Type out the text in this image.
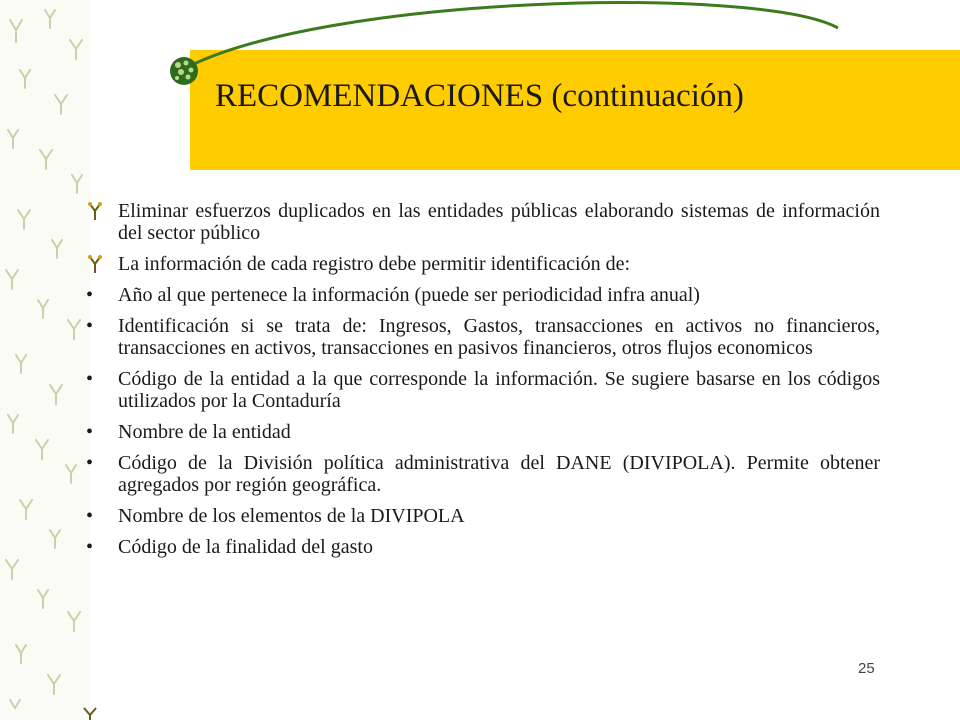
RECOMENDACIONES (continuación)
Eliminar esfuerzos duplicados en las entidades públicas elaborando sistemas de información del sector público
La información de cada registro debe permitir identificación de:
•	Año al que pertenece la información (puede ser periodicidad infra anual)
•	Identificación si se trata de: Ingresos, Gastos, transacciones en activos no financieros, transacciones en activos, transacciones en pasivos financieros, otros flujos economicos
•	Código de la entidad a la que corresponde la información. Se sugiere basarse en los códigos utilizados por la Contaduría
•	Nombre de la entidad
•	Código de la División política administrativa del DANE (DIVIPOLA). Permite obtener agregados por región geográfica.
•	Nombre de los elementos de la DIVIPOLA
•	Código de la finalidad del gasto
25
